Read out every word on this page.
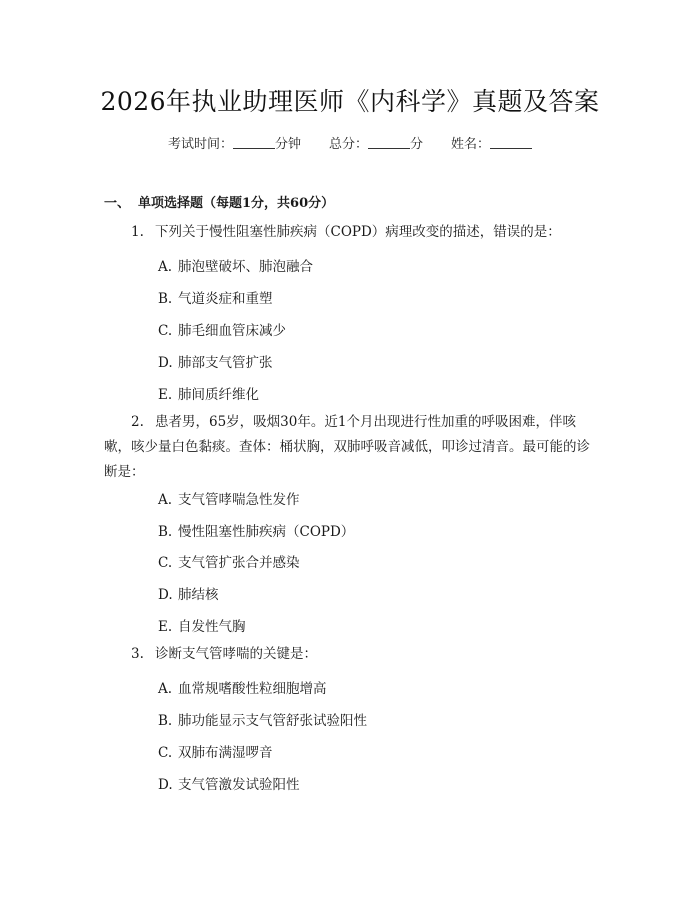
2026年执业助理医师《内科学》真题及答案
考试时间：	分钟 总分：	分 姓名：
一、 单项选择题（每题1分，共60分）
1. 下列关于慢性阻塞性肺疾病（COPD）病理改变的描述，错误的是：
A. 肺泡壁破坏、肺泡融合
B. 气道炎症和重塑
C. 肺毛细血管床减少
D. 肺部支气管扩张
E. 肺间质纤维化
2. 患者男，65岁，吸烟30年。近1个月出现进行性加重的呼吸困难，伴咳嗽，咳少量白色黏痰。查体：桶状胸，双肺呼吸音减低，叩诊过清音。最可能的诊断是：
A. 支气管哮喘急性发作
B. 慢性阻塞性肺疾病（COPD）
C. 支气管扩张合并感染
D. 肺结核
E. 自发性气胸
3. 诊断支气管哮喘的关键是：
A. 血常规嗜酸性粒细胞增高
B. 肺功能显示支气管舒张试验阳性
C. 双肺布满湿啰音
D. 支气管激发试验阳性
